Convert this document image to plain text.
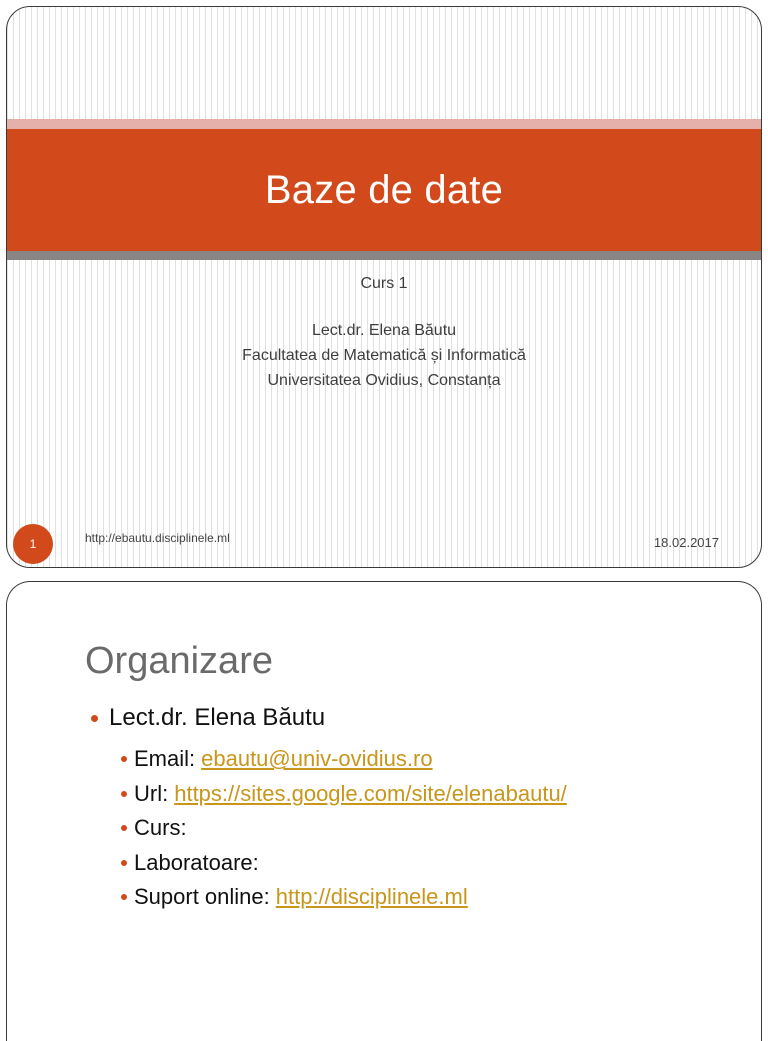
Baze de date
Curs 1
Lect.dr. Elena Băutu
Facultatea de Matematică și Informatică
Universitatea Ovidius, Constanța
1	http://ebautu.disciplinele.ml	18.02.2017
Organizare
Lect.dr. Elena Băutu
Email: ebautu@univ-ovidius.ro
Url: https://sites.google.com/site/elenabautu/
Curs:
Laboratoare:
Suport online: http://disciplinele.ml
